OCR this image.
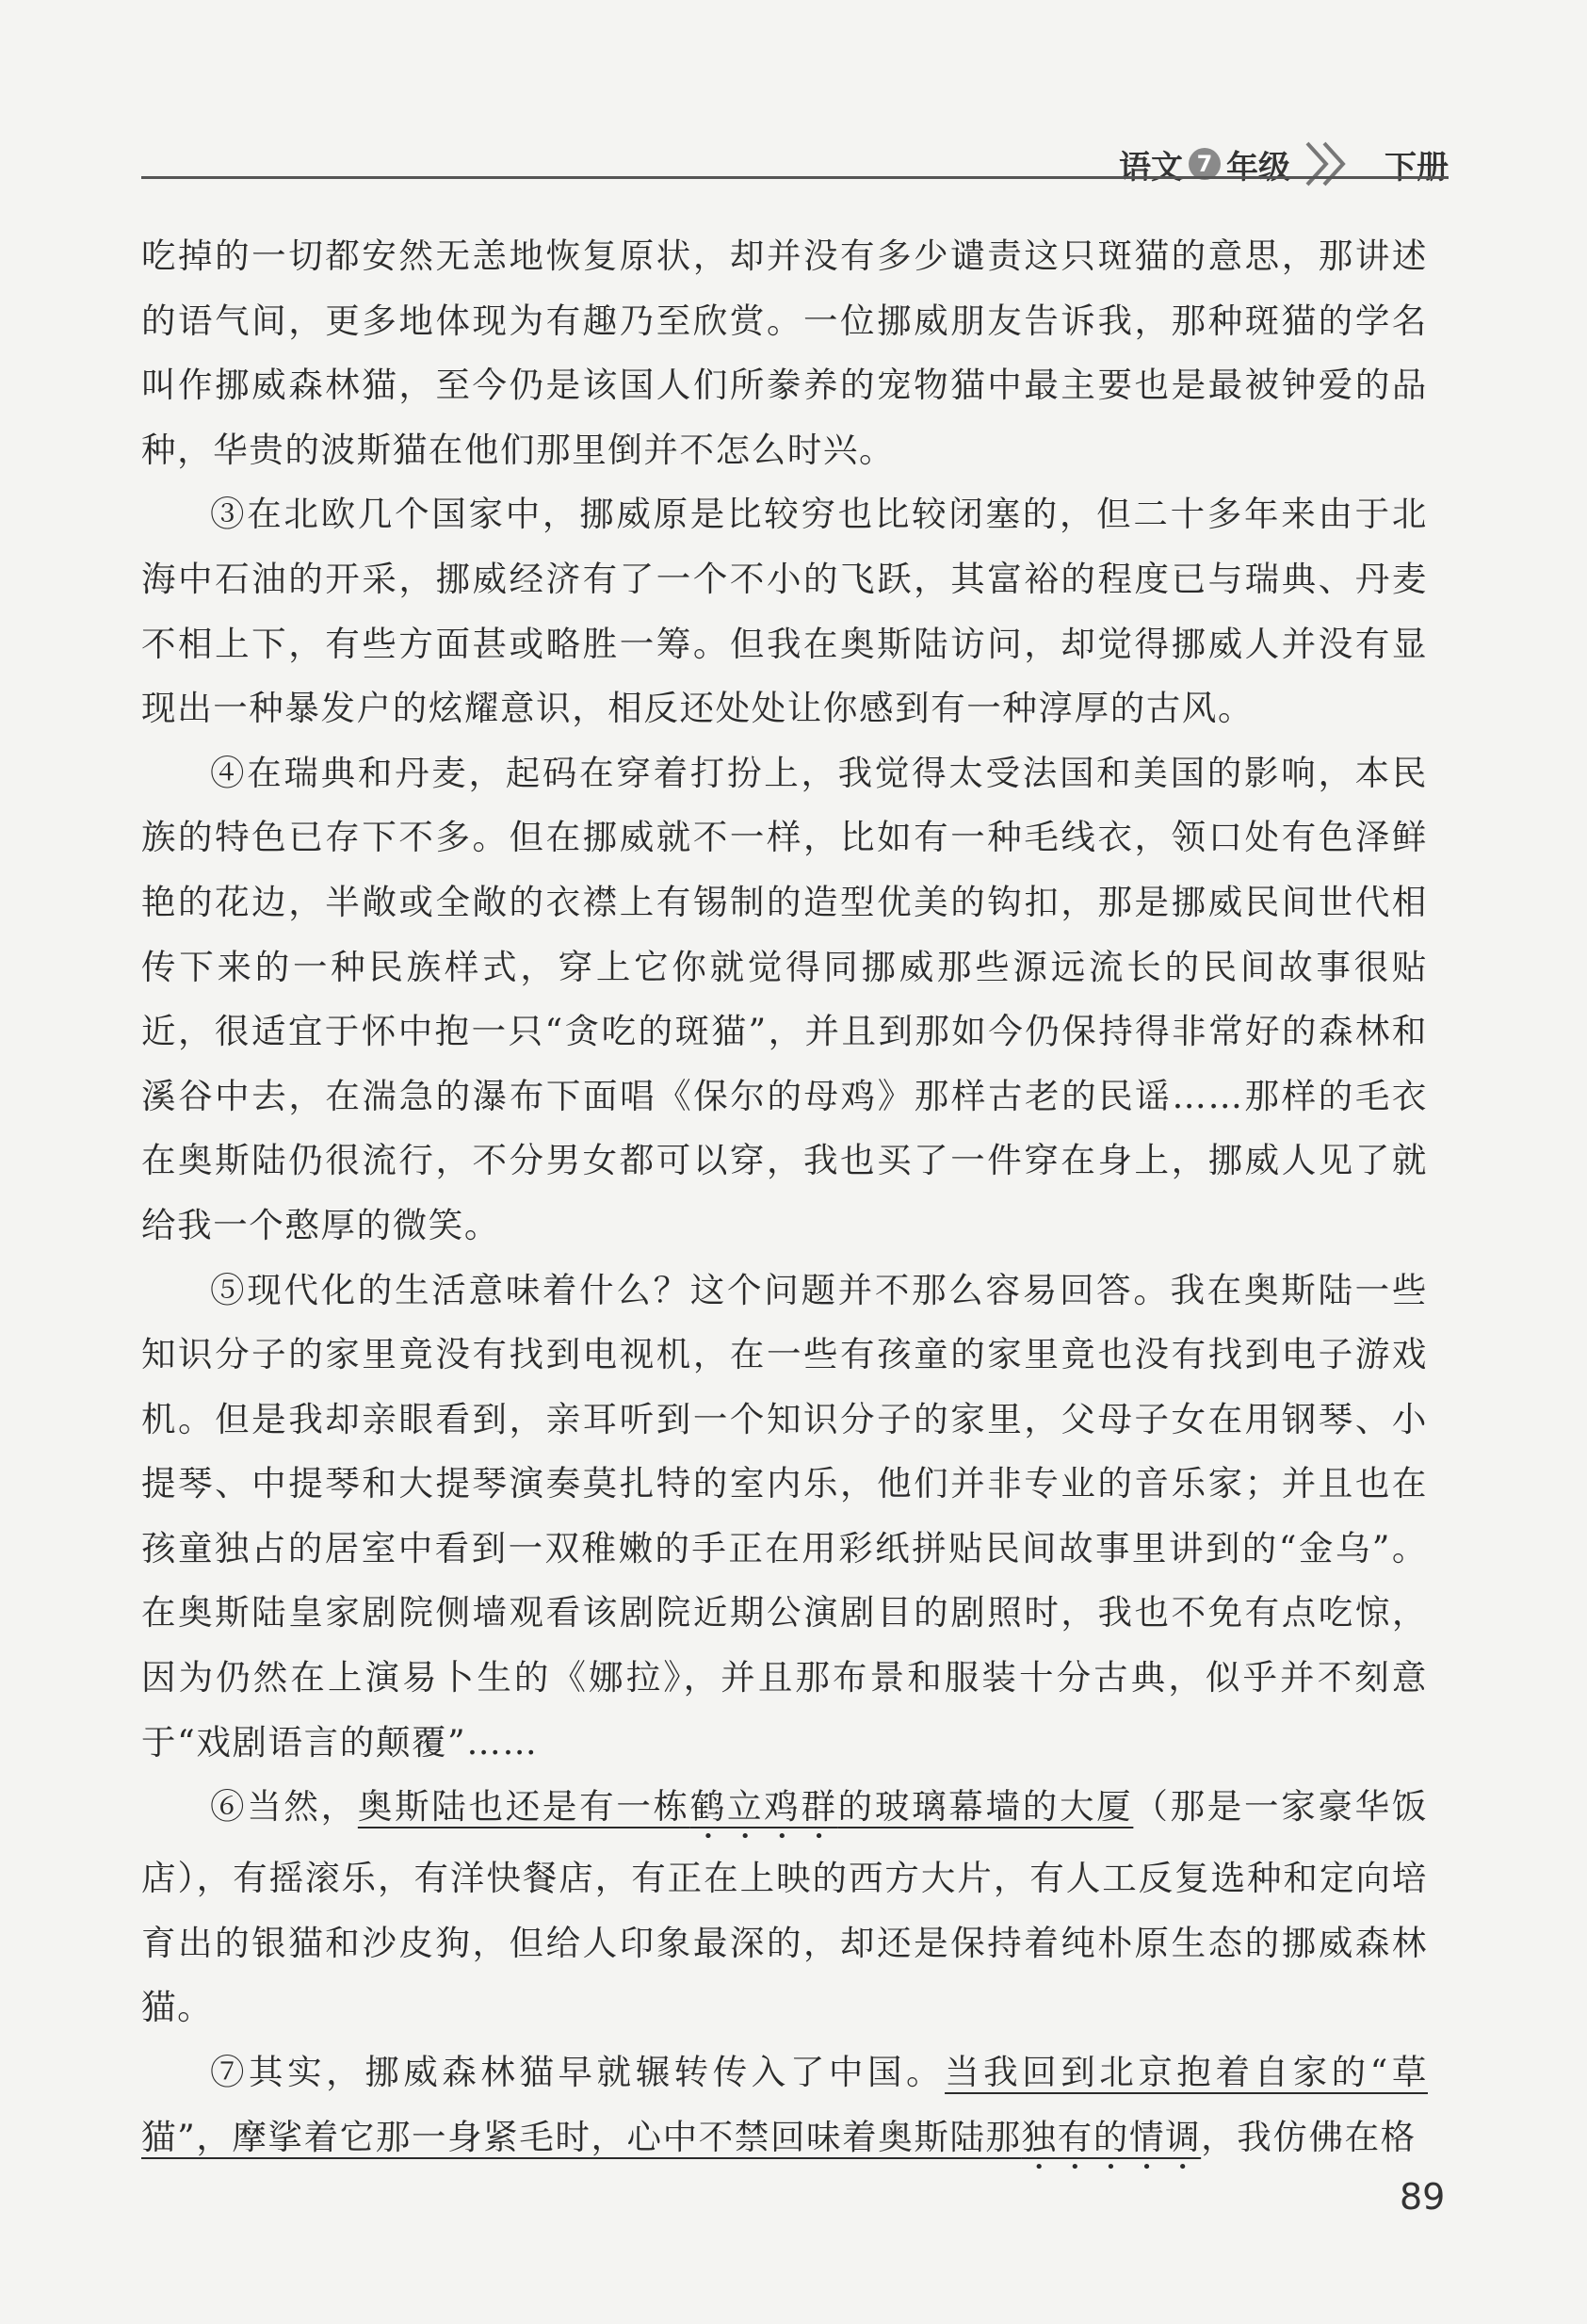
语文 7 年级	下册

吃掉的一切都安然无恙地恢复原状，却并没有多少谴责这只斑猫的意思，那讲述的语气间，更多地体现为有趣乃至欣赏。一位挪威朋友告诉我，那种斑猫的学名叫作挪威森林猫，至今仍是该国人们所豢养的宠物猫中最主要也是最被钟爱的品种，华贵的波斯猫在他们那里倒并不怎么时兴。

③在北欧几个国家中，挪威原是比较穷也比较闭塞的，但二十多年来由于北海中石油的开采，挪威经济有了一个不小的飞跃，其富裕的程度已与瑞典、丹麦不相上下，有些方面甚或略胜一筹。但我在奥斯陆访问，却觉得挪威人并没有显现出一种暴发户的炫耀意识，相反还处处让你感到有一种淳厚的古风。

④在瑞典和丹麦，起码在穿着打扮上，我觉得太受法国和美国的影响，本民族的特色已存下不多。但在挪威就不一样，比如有一种毛线衣，领口处有色泽鲜艳的花边，半敞或全敞的衣襟上有锡制的造型优美的钩扣，那是挪威民间世代相传下来的一种民族样式，穿上它你就觉得同挪威那些源远流长的民间故事很贴近，很适宜于怀中抱一只“贪吃的斑猫”，并且到那如今仍保持得非常好的森林和溪谷中去，在湍急的瀑布下面唱《保尔的母鸡》那样古老的民谣……那样的毛衣在奥斯陆仍很流行，不分男女都可以穿，我也买了一件穿在身上，挪威人见了就给我一个憨厚的微笑。

⑤现代化的生活意味着什么？这个问题并不那么容易回答。我在奥斯陆一些知识分子的家里竟没有找到电视机，在一些有孩童的家里竟也没有找到电子游戏机。但是我却亲眼看到，亲耳听到一个知识分子的家里，父母子女在用钢琴、小提琴、中提琴和大提琴演奏莫扎特的室内乐，他们并非专业的音乐家；并且也在孩童独占的居室中看到一双稚嫩的手正在用彩纸拼贴民间故事里讲到的“金乌”。在奥斯陆皇家剧院侧墙观看该剧院近期公演剧目的剧照时，我也不免有点吃惊，因为仍然在上演易卜生的《娜拉》，并且那布景和服装十分古典，似乎并不刻意于“戏剧语言的颠覆”……

⑥当然，奥斯陆也还是有一栋鹤立鸡群的玻璃幕墙的大厦（那是一家豪华饭店），有摇滚乐，有洋快餐店，有正在上映的西方大片，有人工反复选种和定向培育出的银猫和沙皮狗，但给人印象最深的，却还是保持着纯朴原生态的挪威森林猫。

⑦其实，挪威森林猫早就辗转传入了中国。当我回到北京抱着自家的“草猫”，摩挲着它那一身紧毛时，心中不禁回味着奥斯陆那独有的情调，我仿佛在格

89
